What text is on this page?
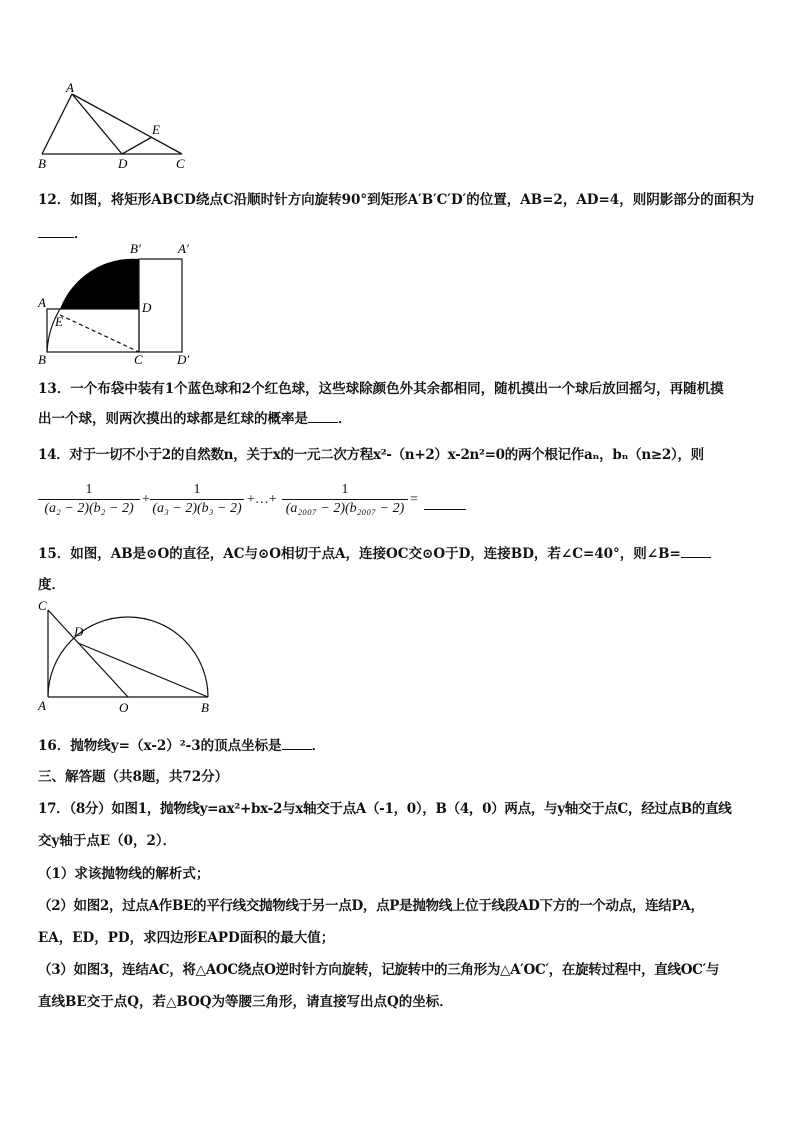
A
B	D	C
E
12．如图，将矩形ABCD绕点C沿顺时针方向旋转90°到矩形A′B′C′D′的位置，AB=2，AD=4，则阴影部分的面积为
．
A
B	C
D
E
B′	A′
D′
13．一个布袋中装有1个蓝色球和2个红色球，这些球除颜色外其余都相同，随机摸出一个球后放回摇匀，再随机摸
出一个球，则两次摸出的球都是红球的概率是 ．
14．对于一切不小于2的自然数n，关于x的一元二次方程x²-（n+2）x-2n²=0的两个根记作aₙ，bₙ（n≥2），则
$\frac{1}{\text{(a₂ − 2)(b₂ − 2)}} + \frac{1}{\text{(a₃ − 2)(b₃ − 2)}}$ +…+ $\frac{1}{\text{(a₂₀₀₇ − 2)(b₂₀₀₇ − 2)}}$ =
15．如图，AB是⊙O的直径，AC与⊙O相切于点A，连接OC交⊙O于D，连接BD，若∠C=40°，则∠B=
度．
C
D
A	O	B
16．抛物线y=（x-2）²-3的顶点坐标是 ．
三、解答题（共8题，共72分）
17．（8分）如图1，抛物线y=ax²+bx-2与x轴交于点A（-1，0），B（4，0）两点，与y轴交于点C，经过点B的直线
交y轴于点E（0，2）．
（1）求该抛物线的解析式；
（2）如图2，过点A作BE的平行线交抛物线于另一点D，点P是抛物线上位于线段AD下方的一个动点，连结PA，
EA，ED，PD，求四边形EAPD面积的最大值；
（3）如图3，连结AC，将△AOC绕点O逆时针方向旋转，记旋转中的三角形为△A′OC′，在旋转过程中，直线OC′与
直线BE交于点Q，若△BOQ为等腰三角形，请直接写出点Q的坐标．
